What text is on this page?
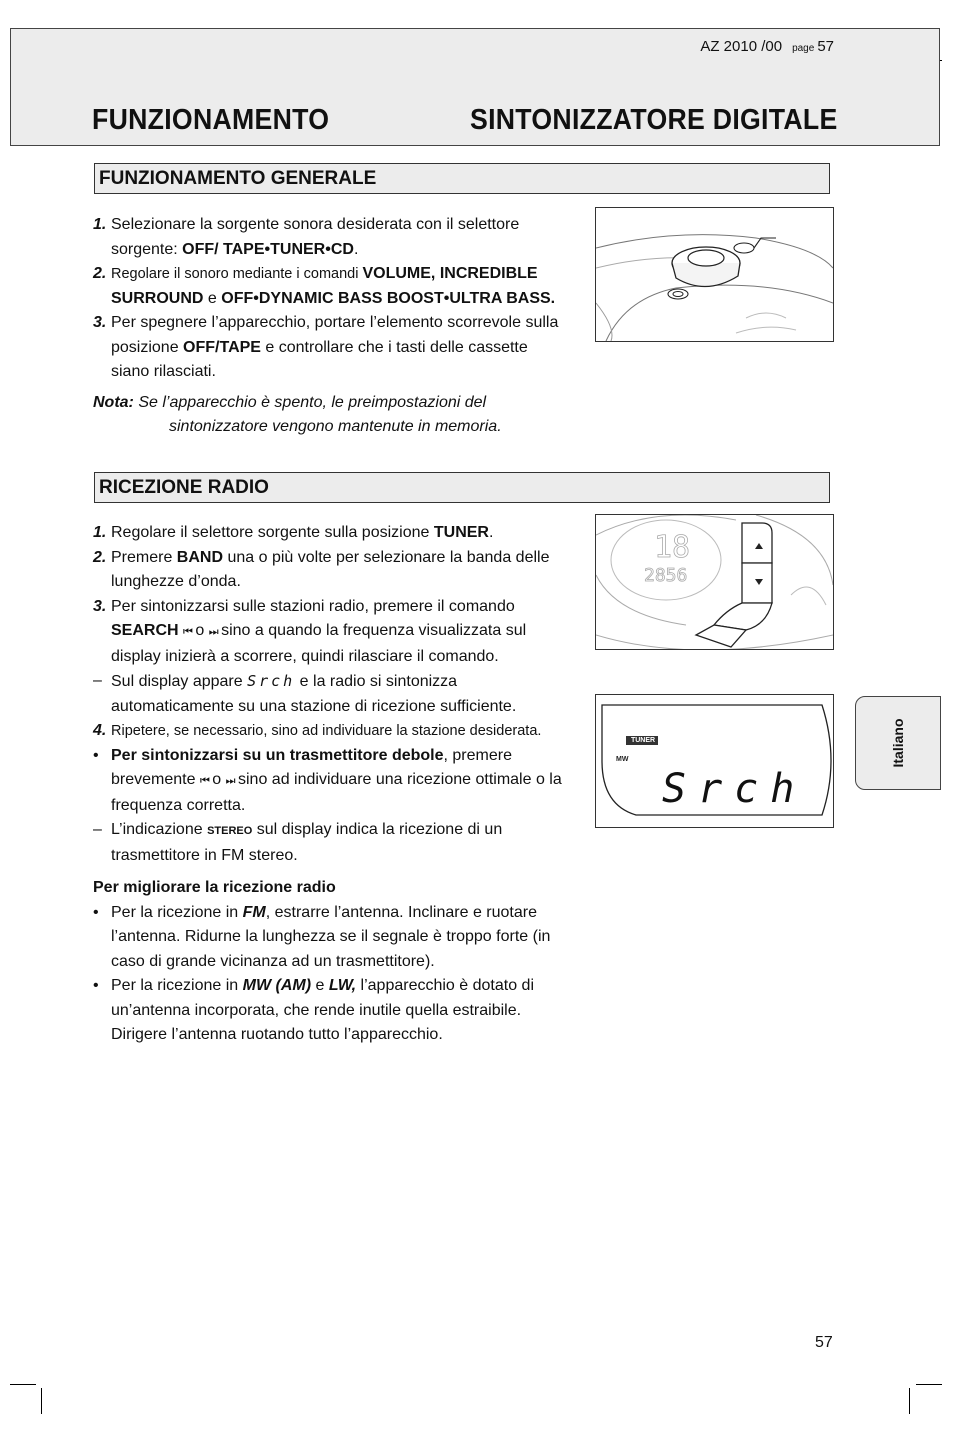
AZ 2010 /00 page 57
FUNZIONAMENTO	SINTONIZZATORE DIGITALE
FUNZIONAMENTO GENERALE
1. Selezionare la sorgente sonora desiderata con il selettore sorgente: OFF/ TAPE•TUNER•CD.
2. Regolare il sonoro mediante i comandi VOLUME, INCREDIBLE SURROUND e OFF•DYNAMIC BASS BOOST•ULTRA BASS.
3. Per spegnere l’apparecchio, portare l’elemento scorrevole sulla posizione OFF/TAPE e controllare che i tasti delle cassette siano rilasciati.
Nota: Se l’apparecchio è spento, le preimpostazioni del
sintonizzatore vengono mantenute in memoria.
RICEZIONE RADIO
1. Regolare il selettore sorgente sulla posizione TUNER.
2. Premere BAND una o più volte per selezionare la banda delle lunghezze d’onda.
3. Per sintonizzarsi sulle stazioni radio, premere il comando SEARCH ⏮ o ⏭ sino a quando la frequenza visualizzata sul display inizierà a scorrere, quindi rilasciare il comando.
– Sul display appare Srch e la radio si sintonizza automaticamente su una stazione di ricezione sufficiente.
4. Ripetere, se necessario, sino ad individuare la stazione desiderata.
• Per sintonizzarsi su un trasmettitore debole, premere brevemente ⏮ o ⏭ sino ad individuare una ricezione ottimale o la frequenza corretta.
– L’indicazione STEREO sul display indica la ricezione di un trasmettitore in FM stereo.
Per migliorare la ricezione radio
• Per la ricezione in FM, estrarre l’antenna. Inclinare e ruotare l’antenna. Ridurne la lunghezza se il segnale è troppo forte (in caso di grande vicinanza ad un trasmettitore).
• Per la ricezione in MW (AM) e LW, l’apparecchio è dotato di un’antenna incorporata, che rende inutile quella estraibile. Dirigere l’antenna ruotando tutto l’apparecchio.
18
2856
TUNER
MW
Srch
Italiano
57
